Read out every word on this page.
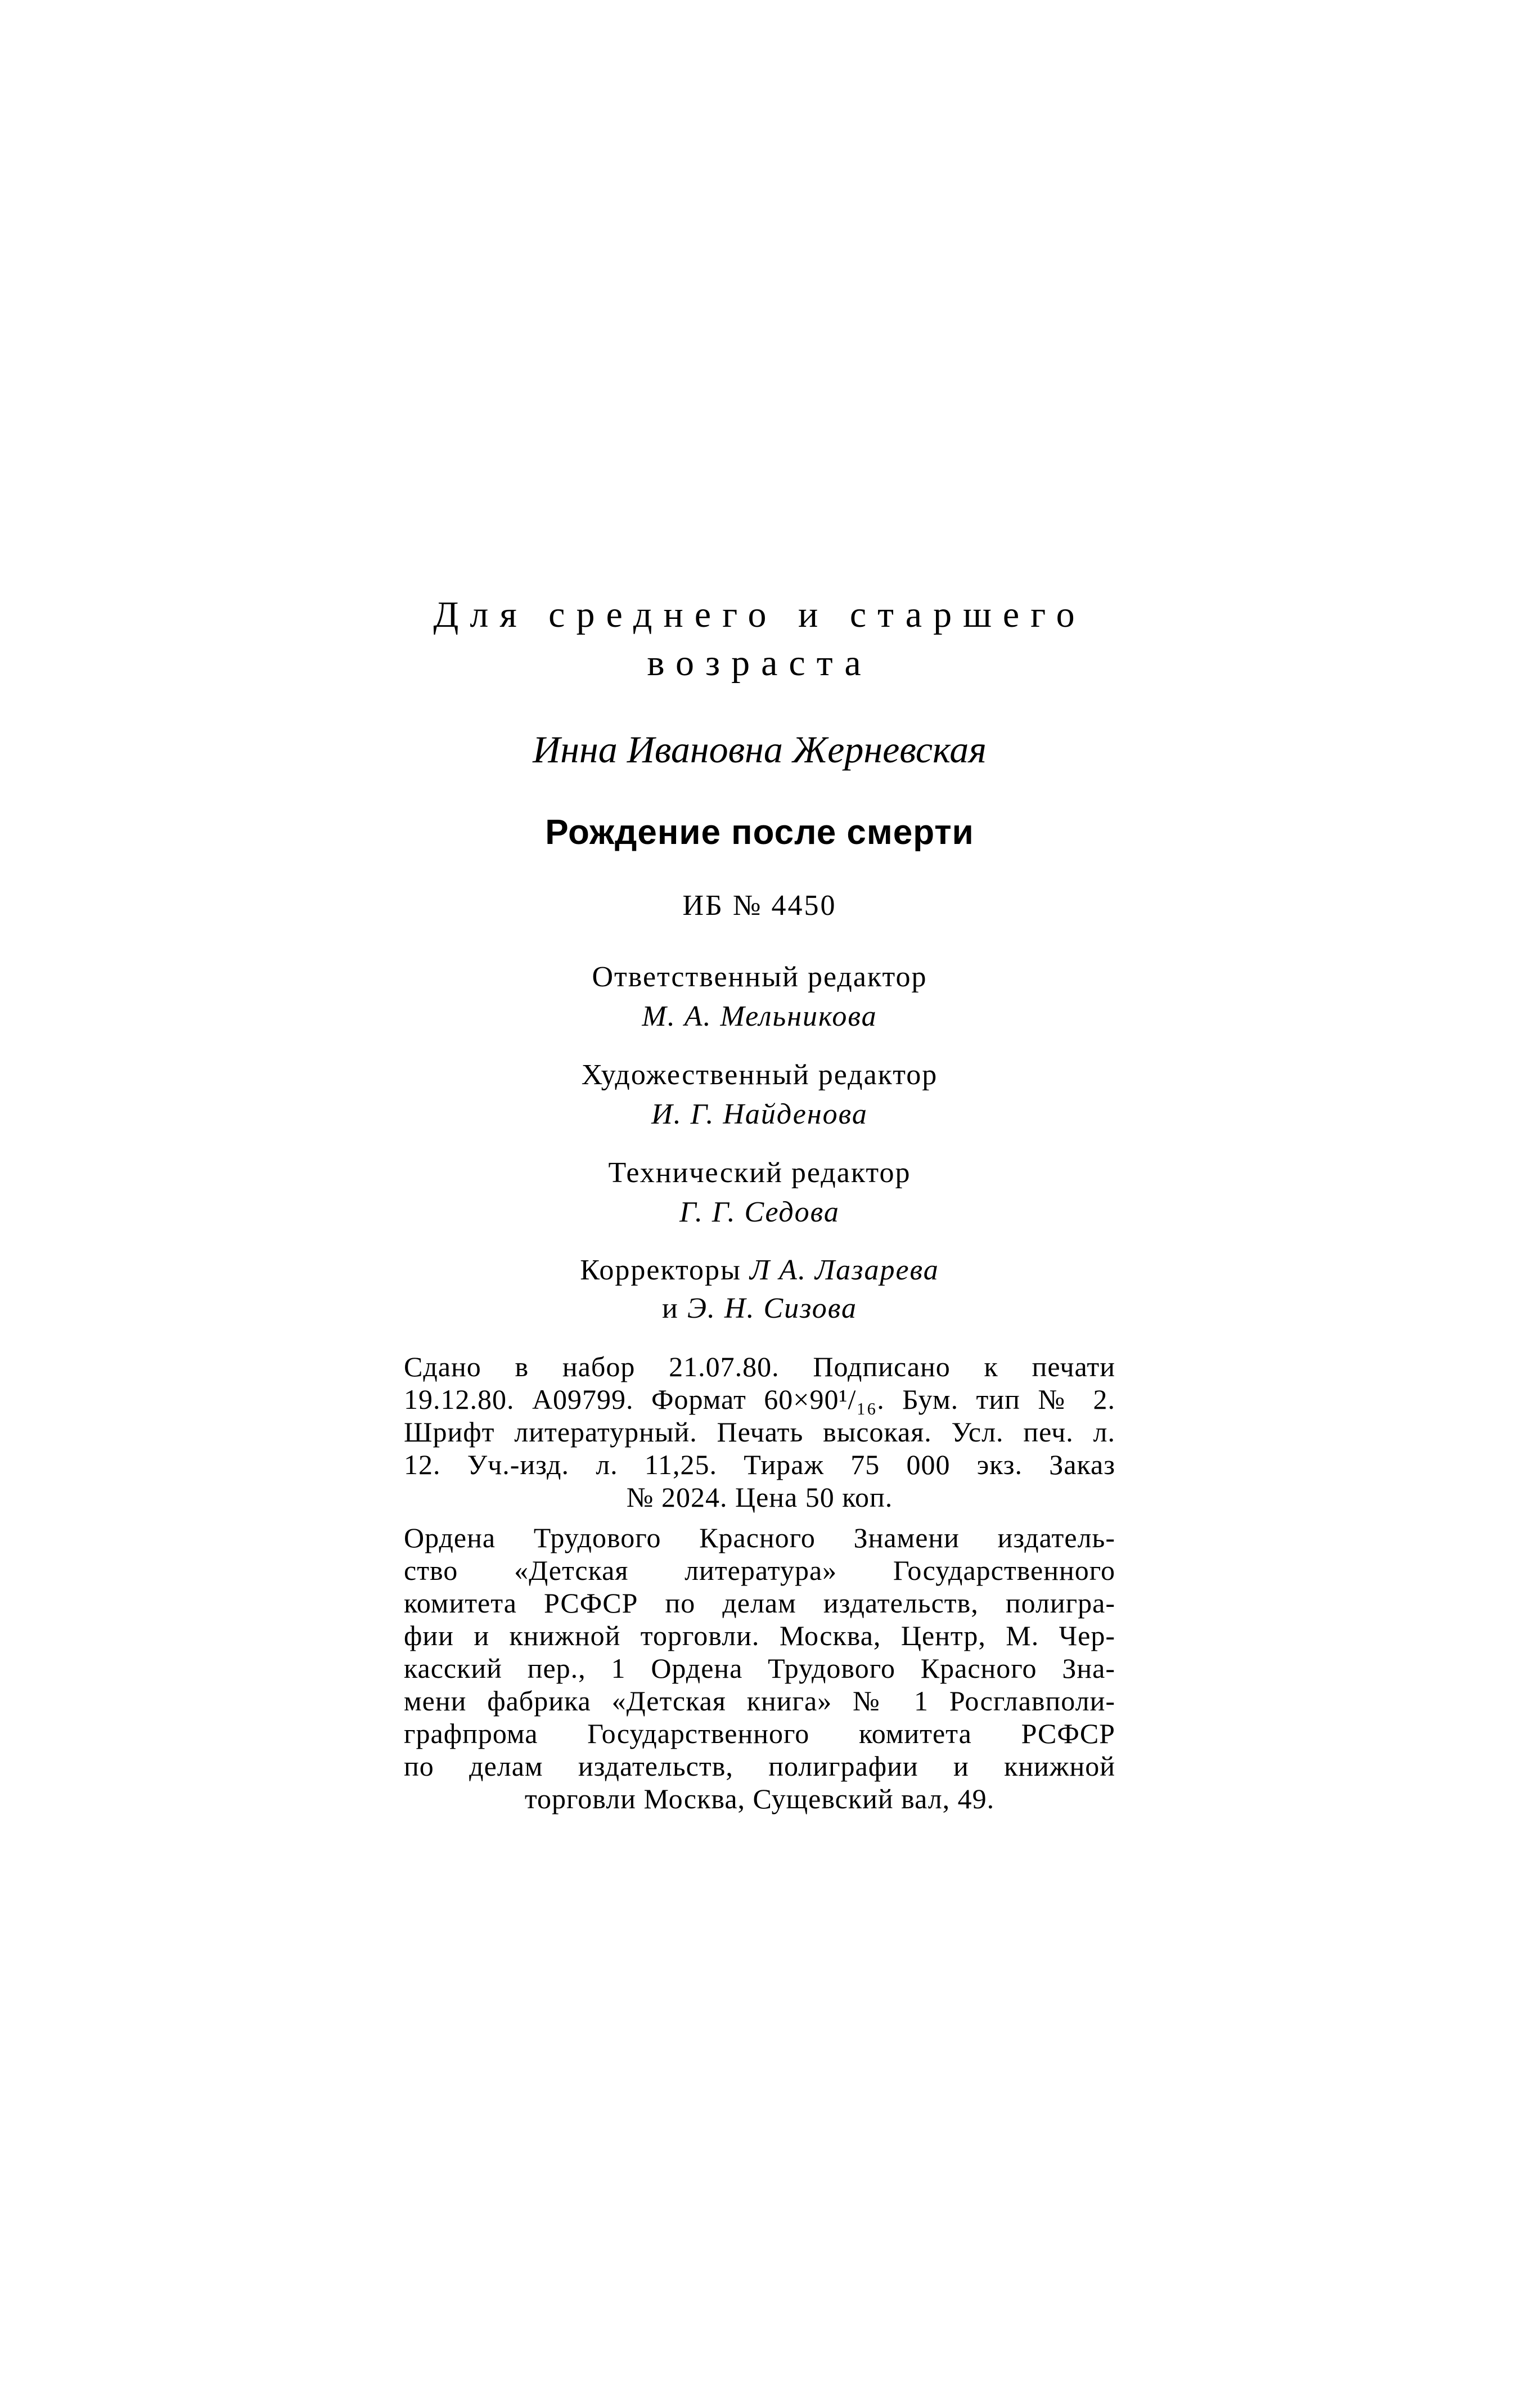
Для среднего и старшего
возраста

Инна Ивановна Жерневская

Рождение после смерти

ИБ № 4450

Ответственный редактор
М. А. Мельникова
Художественный редактор
И. Г. Найденова
Технический редактор
Г. Г. Седова
Корректоры Л А. Лазарева
и Э. Н. Сизова
Сдано в набор 21.07.80. Подписано к печати
19.12.80. А09799. Формат 60×90¹/₁₆. Бум. тип № 2.
Шрифт литературный. Печать высокая. Усл. печ. л.
12. Уч.-изд. л. 11,25. Тираж 75 000 экз. Заказ
№ 2024. Цена 50 коп.
Ордена Трудового Красного Знамени издатель-
ство «Детская литература» Государственного
комитета РСФСР по делам издательств, полигра-
фии и книжной торговли. Москва, Центр, М. Чер-
касский пер., 1 Ордена Трудового Красного Зна-
мени фабрика «Детская книга» № 1 Росглавполи-
графпрома Государственного комитета РСФСР
по делам издательств, полиграфии и книжной
торговли Москва, Сущевский вал, 49.
